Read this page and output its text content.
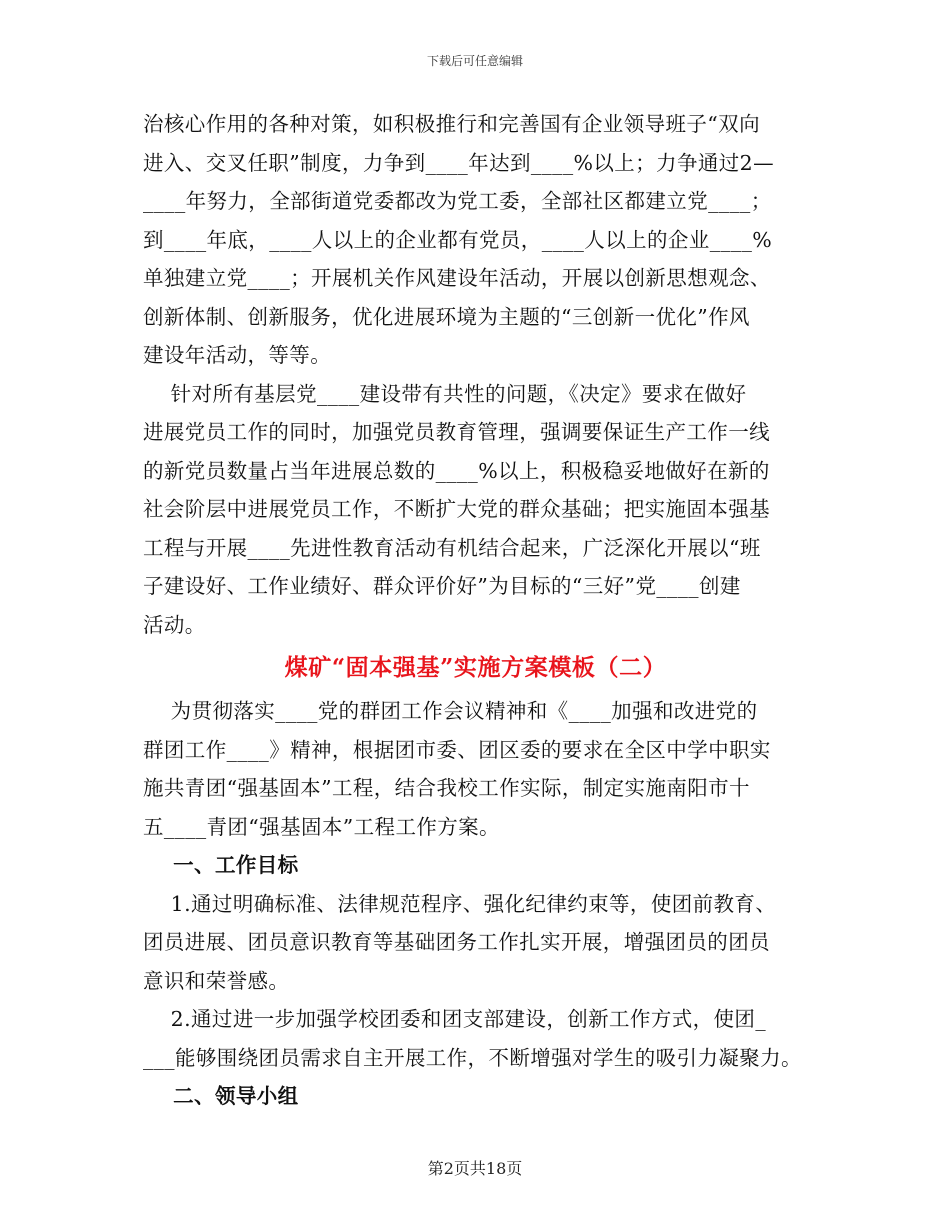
下载后可任意编辑
治核心作用的各种对策，如积极推行和完善国有企业领导班子“双向
进入、交叉任职”制度，力争到____年达到____%以上；力争通过2—
____年努力，全部街道党委都改为党工委，全部社区都建立党____；
到____年底，____人以上的企业都有党员，____人以上的企业____%
单独建立党____；开展机关作风建设年活动，开展以创新思想观念、
创新体制、创新服务，优化进展环境为主题的“三创新一优化”作风
建设年活动，等等。
针对所有基层党____建设带有共性的问题，《决定》要求在做好
进展党员工作的同时，加强党员教育管理，强调要保证生产工作一线
的新党员数量占当年进展总数的____%以上，积极稳妥地做好在新的
社会阶层中进展党员工作，不断扩大党的群众基础；把实施固本强基
工程与开展____先进性教育活动有机结合起来，广泛深化开展以“班
子建设好、工作业绩好、群众评价好”为目标的“三好”党____创建
活动。
煤矿“固本强基”实施方案模板（二）
为贯彻落实____党的群团工作会议精神和《____加强和改进党的
群团工作____》精神，根据团市委、团区委的要求在全区中学中职实
施共青团“强基固本”工程，结合我校工作实际，制定实施南阳市十
五____青团“强基固本”工程工作方案。
一、工作目标
1.通过明确标准、法律规范程序、强化纪律约束等，使团前教育、
团员进展、团员意识教育等基础团务工作扎实开展，增强团员的团员
意识和荣誉感。
2.通过进一步加强学校团委和团支部建设，创新工作方式，使团_
___能够围绕团员需求自主开展工作，不断增强对学生的吸引力凝聚力。
二、领导小组
第2页共18页
